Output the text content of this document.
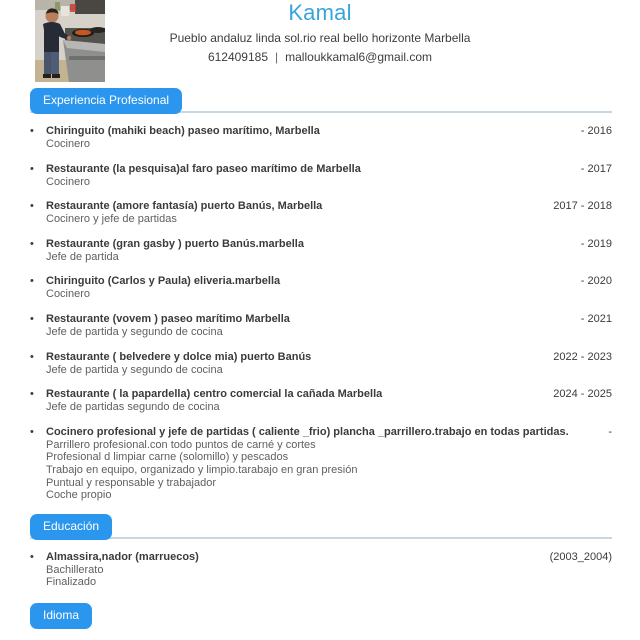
Kamal
Pueblo andaluz linda sol.rio real bello horizonte Marbella
612409185 | malloukkamal6@gmail.com
Experiencia Profesional
•
Chiringuito (mahiki beach) paseo marítimo, Marbella
Cocinero
- 2016
•
Restaurante (la pesquisa)al faro paseo marítimo de Marbella
Cocinero
- 2017
•
Restaurante (amore fantasía) puerto Banús, Marbella
Cocinero y jefe de partidas
2017 - 2018
•
Restaurante (gran gasby ) puerto Banús.marbella
Jefe de partida
- 2019
•
Chiringuito (Carlos y Paula) eliveria.marbella
Cocinero
- 2020
•
Restaurante (vovem ) paseo marítimo Marbella
Jefe de partida y segundo de cocina
- 2021
•
Restaurante ( belvedere y dolce mia) puerto Banús
Jefe de partida y segundo de cocina
2022 - 2023
•
Restaurante ( la papardella) centro comercial la cañada Marbella
Jefe de partidas segundo de cocina
2024 - 2025
•
Cocinero profesional y jefe de partidas ( caliente _frio) plancha _parrillero.trabajo en todas partidas.
Parrillero profesional.con todo puntos de carné y cortes
Profesional d limpiar carne (solomillo) y pescados
Trabajo en equipo, organizado y limpio.tarabajo en gran presión
Puntual y responsable y trabajador
Coche propio
-
Educación
•
Almassira,nador (marruecos)
Bachillerato
Finalizado
(2003_2004)
Idioma
